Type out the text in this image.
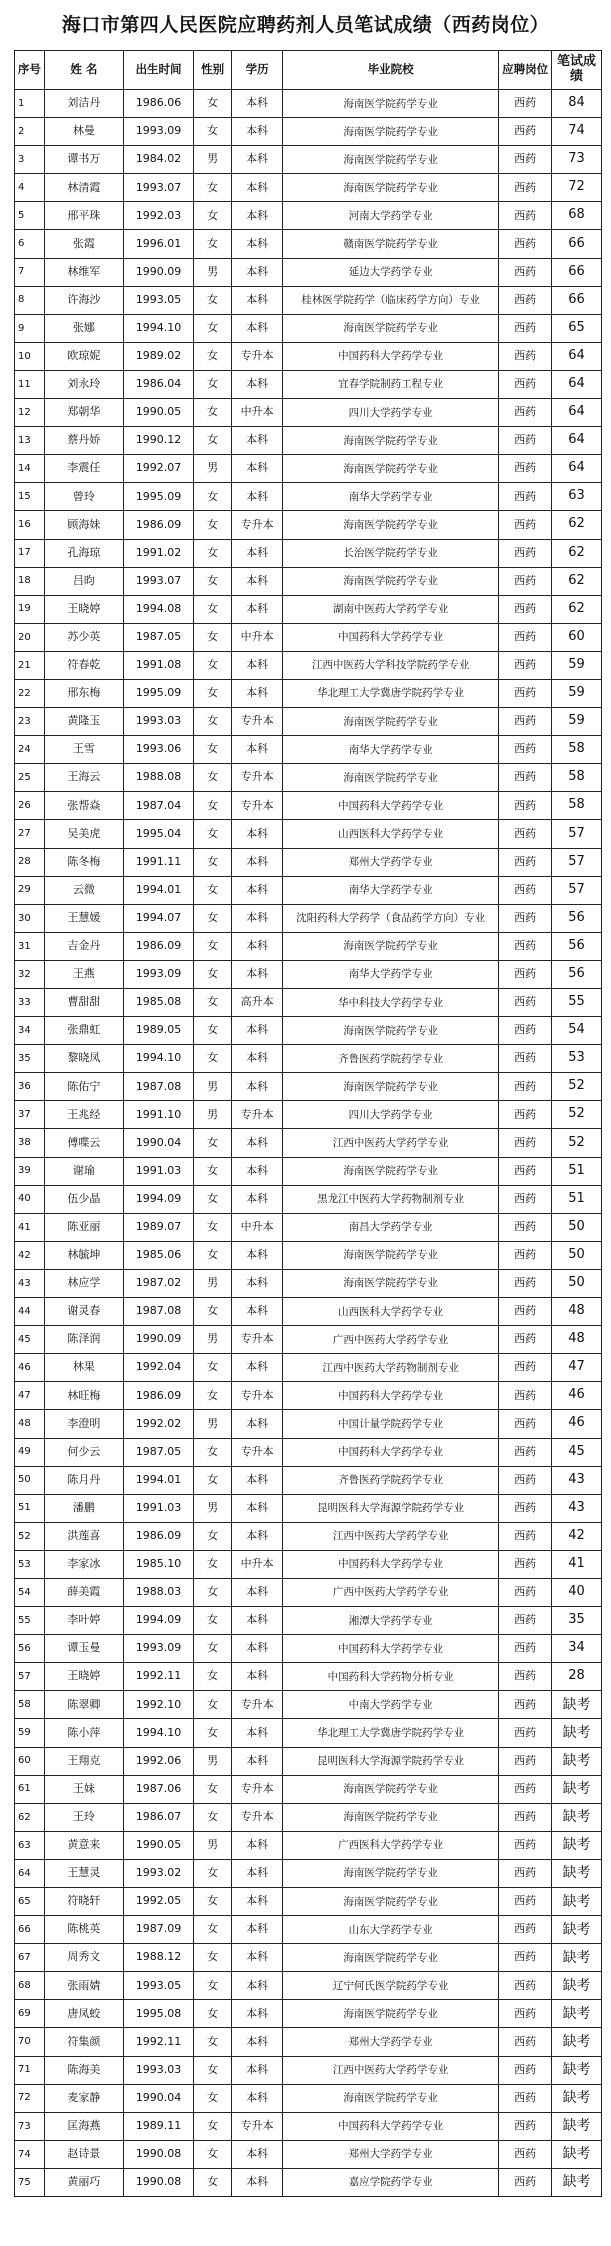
海口市第四人民医院应聘药剂人员笔试成绩（西药岗位）
序号	姓 名	出生时间	性别	学历	毕业院校	应聘岗位	笔试成绩
1	刘洁丹	1986.06	女	本科	海南医学院药学专业	西药	84
2	林曼	1993.09	女	本科	海南医学院药学专业	西药	74
3	谭书万	1984.02	男	本科	海南医学院药学专业	西药	73
4	林清霞	1993.07	女	本科	海南医学院药学专业	西药	72
5	邢平珠	1992.03	女	本科	河南大学药学专业	西药	68
6	张霞	1996.01	女	本科	赣南医学院药学专业	西药	66
7	林维军	1990.09	男	本科	延边大学药学专业	西药	66
8	许海沙	1993.05	女	本科	桂林医学院药学（临床药学方向）专业	西药	66
9	张娜	1994.10	女	本科	海南医学院药学专业	西药	65
10	欧琼妮	1989.02	女	专升本	中国药科大学药学专业	西药	64
11	刘永玲	1986.04	女	本科	宜春学院制药工程专业	西药	64
12	郑朝华	1990.05	女	中升本	四川大学药学专业	西药	64
13	蔡丹娇	1990.12	女	本科	海南医学院药学专业	西药	64
14	李震任	1992.07	男	本科	海南医学院药学专业	西药	64
15	曾玲	1995.09	女	本科	南华大学药学专业	西药	63
16	顾海妹	1986.09	女	专升本	海南医学院药学专业	西药	62
17	孔海琼	1991.02	女	本科	长治医学院药学专业	西药	62
18	吕昀	1993.07	女	本科	海南医学院药学专业	西药	62
19	王晓婷	1994.08	女	本科	湖南中医药大学药学专业	西药	62
20	苏少英	1987.05	女	中升本	中国药科大学药学专业	西药	60
21	符春乾	1991.08	女	本科	江西中医药大学科技学院药学专业	西药	59
22	邢东梅	1995.09	女	本科	华北理工大学冀唐学院药学专业	西药	59
23	黄隆玉	1993.03	女	专升本	海南医学院药学专业	西药	59
24	王雪	1993.06	女	本科	南华大学药学专业	西药	58
25	王海云	1988.08	女	专升本	海南医学院药学专业	西药	58
26	张帮焱	1987.04	女	专升本	中国药科大学药学专业	西药	58
27	吴美虎	1995.04	女	本科	山西医科大学药学专业	西药	57
28	陈冬梅	1991.11	女	本科	郑州大学药学专业	西药	57
29	云微	1994.01	女	本科	南华大学药学专业	西药	57
30	王慧媛	1994.07	女	本科	沈阳药科大学药学（食品药学方向）专业	西药	56
31	吉金丹	1986.09	女	本科	海南医学院药学专业	西药	56
32	王燕	1993.09	女	本科	南华大学药学专业	西药	56
33	曹甜甜	1985.08	女	高升本	华中科技大学药学专业	西药	55
34	张鼎虹	1989.05	女	本科	海南医学院药学专业	西药	54
35	黎晓凤	1994.10	女	本科	齐鲁医药学院药学专业	西药	53
36	陈佑宁	1987.08	男	本科	海南医学院药学专业	西药	52
37	王兆经	1991.10	男	专升本	四川大学药学专业	西药	52
38	傅喋云	1990.04	女	本科	江西中医药大学药学专业	西药	52
39	谢瑜	1991.03	女	本科	海南医学院药学专业	西药	51
40	伍少晶	1994.09	女	本科	黑龙江中医药大学药物制剂专业	西药	51
41	陈亚丽	1989.07	女	中升本	南昌大学药学专业	西药	50
42	林毓坤	1985.06	女	本科	海南医学院药学专业	西药	50
43	林应学	1987.02	男	本科	海南医学院药学专业	西药	50
44	谢灵春	1987.08	女	本科	山西医科大学药学专业	西药	48
45	陈泽润	1990.09	男	专升本	广西中医药大学药学专业	西药	48
46	林果	1992.04	女	本科	江西中医药大学药物制剂专业	西药	47
47	林旺梅	1986.09	女	专升本	中国药科大学药学专业	西药	46
48	李澄明	1992.02	男	本科	中国计量学院药学专业	西药	46
49	何少云	1987.05	女	专升本	中国药科大学药学专业	西药	45
50	陈月丹	1994.01	女	本科	齐鲁医药学院药学专业	西药	43
51	潘鹏	1991.03	男	本科	昆明医科大学海源学院药学专业	西药	43
52	洪莲喜	1986.09	女	本科	江西中医药大学药学专业	西药	42
53	李家冰	1985.10	女	中升本	中国药科大学药学专业	西药	41
54	薛美霞	1988.03	女	本科	广西中医药大学药学专业	西药	40
55	李叶婷	1994.09	女	本科	湘潭大学药学专业	西药	35
56	谭玉曼	1993.09	女	本科	中国药科大学药学专业	西药	34
57	王晓婷	1992.11	女	本科	中国药科大学药物分析专业	西药	28
58	陈翠卿	1992.10	女	专升本	中南大学药学专业	西药	缺考
59	陈小萍	1994.10	女	本科	华北理工大学冀唐学院药学专业	西药	缺考
60	王翔克	1992.06	男	本科	昆明医科大学海源学院药学专业	西药	缺考
61	王妹	1987.06	女	专升本	海南医学院药学专业	西药	缺考
62	王玲	1986.07	女	专升本	海南医学院药学专业	西药	缺考
63	黄意来	1990.05	男	本科	广西医科大学药学专业	西药	缺考
64	王慧灵	1993.02	女	本科	海南医学院药学专业	西药	缺考
65	符晓轩	1992.05	女	本科	海南医学院药学专业	西药	缺考
66	陈桃英	1987.09	女	本科	山东大学药学专业	西药	缺考
67	周秀文	1988.12	女	本科	海南医学院药学专业	西药	缺考
68	张雨婧	1993.05	女	本科	辽宁何氏医学院药学专业	西药	缺考
69	唐凤蛟	1995.08	女	本科	海南医学院药学专业	西药	缺考
70	符集颜	1992.11	女	本科	郑州大学药学专业	西药	缺考
71	陈海美	1993.03	女	本科	江西中医药大学药学专业	西药	缺考
72	麦家静	1990.04	女	本科	海南医学院药学专业	西药	缺考
73	匡海燕	1989.11	女	专升本	中国药科大学药学专业	西药	缺考
74	赵诗景	1990.08	女	本科	郑州大学药学专业	西药	缺考
75	黄丽巧	1990.08	女	本科	嘉应学院药学专业	西药	缺考
